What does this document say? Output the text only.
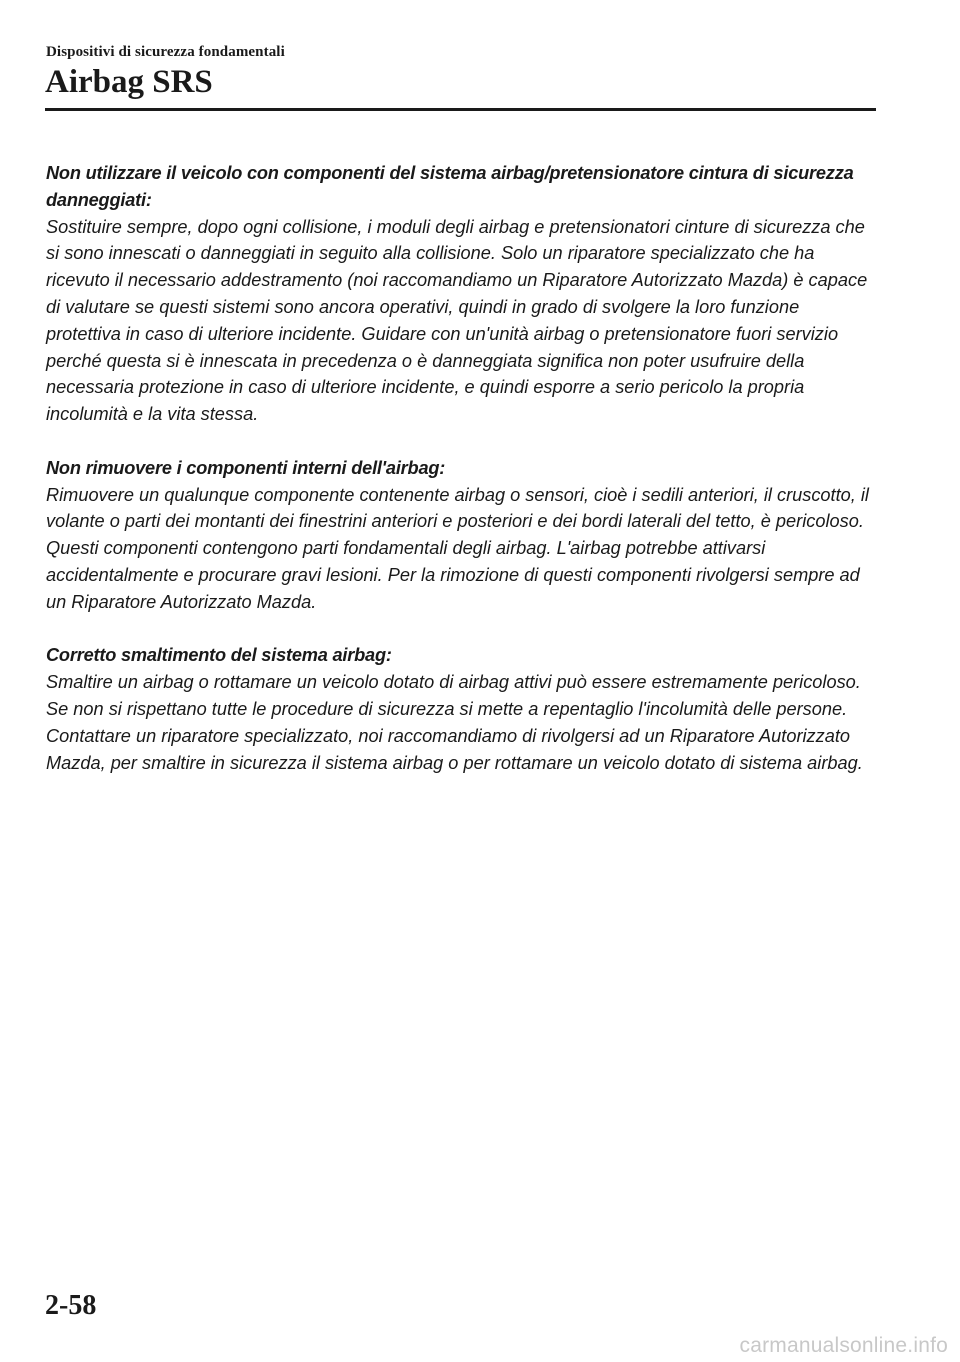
Dispositivi di sicurezza fondamentali
Airbag SRS

Non utilizzare il veicolo con componenti del sistema airbag/pretensionatore cintura di sicurezza danneggiati:
Sostituire sempre, dopo ogni collisione, i moduli degli airbag e pretensionatori cinture di sicurezza che si sono innescati o danneggiati in seguito alla collisione. Solo un riparatore specializzato che ha ricevuto il necessario addestramento (noi raccomandiamo un Riparatore Autorizzato Mazda) è capace di valutare se questi sistemi sono ancora operativi, quindi in grado di svolgere la loro funzione protettiva in caso di ulteriore incidente. Guidare con un'unità airbag o pretensionatore fuori servizio perché questa si è innescata in precedenza o è danneggiata significa non poter usufruire della necessaria protezione in caso di ulteriore incidente, e quindi esporre a serio pericolo la propria incolumità e la vita stessa.

Non rimuovere i componenti interni dell'airbag:
Rimuovere un qualunque componente contenente airbag o sensori, cioè i sedili anteriori, il cruscotto, il volante o parti dei montanti dei finestrini anteriori e posteriori e dei bordi laterali del tetto, è pericoloso. Questi componenti contengono parti fondamentali degli airbag. L'airbag potrebbe attivarsi accidentalmente e procurare gravi lesioni. Per la rimozione di questi componenti rivolgersi sempre ad un Riparatore Autorizzato Mazda.

Corretto smaltimento del sistema airbag:
Smaltire un airbag o rottamare un veicolo dotato di airbag attivi può essere estremamente pericoloso. Se non si rispettano tutte le procedure di sicurezza si mette a repentaglio l'incolumità delle persone. Contattare un riparatore specializzato, noi raccomandiamo di rivolgersi ad un Riparatore Autorizzato Mazda, per smaltire in sicurezza il sistema airbag o per rottamare un veicolo dotato di sistema airbag.

2-58
carmanualsonline.info
